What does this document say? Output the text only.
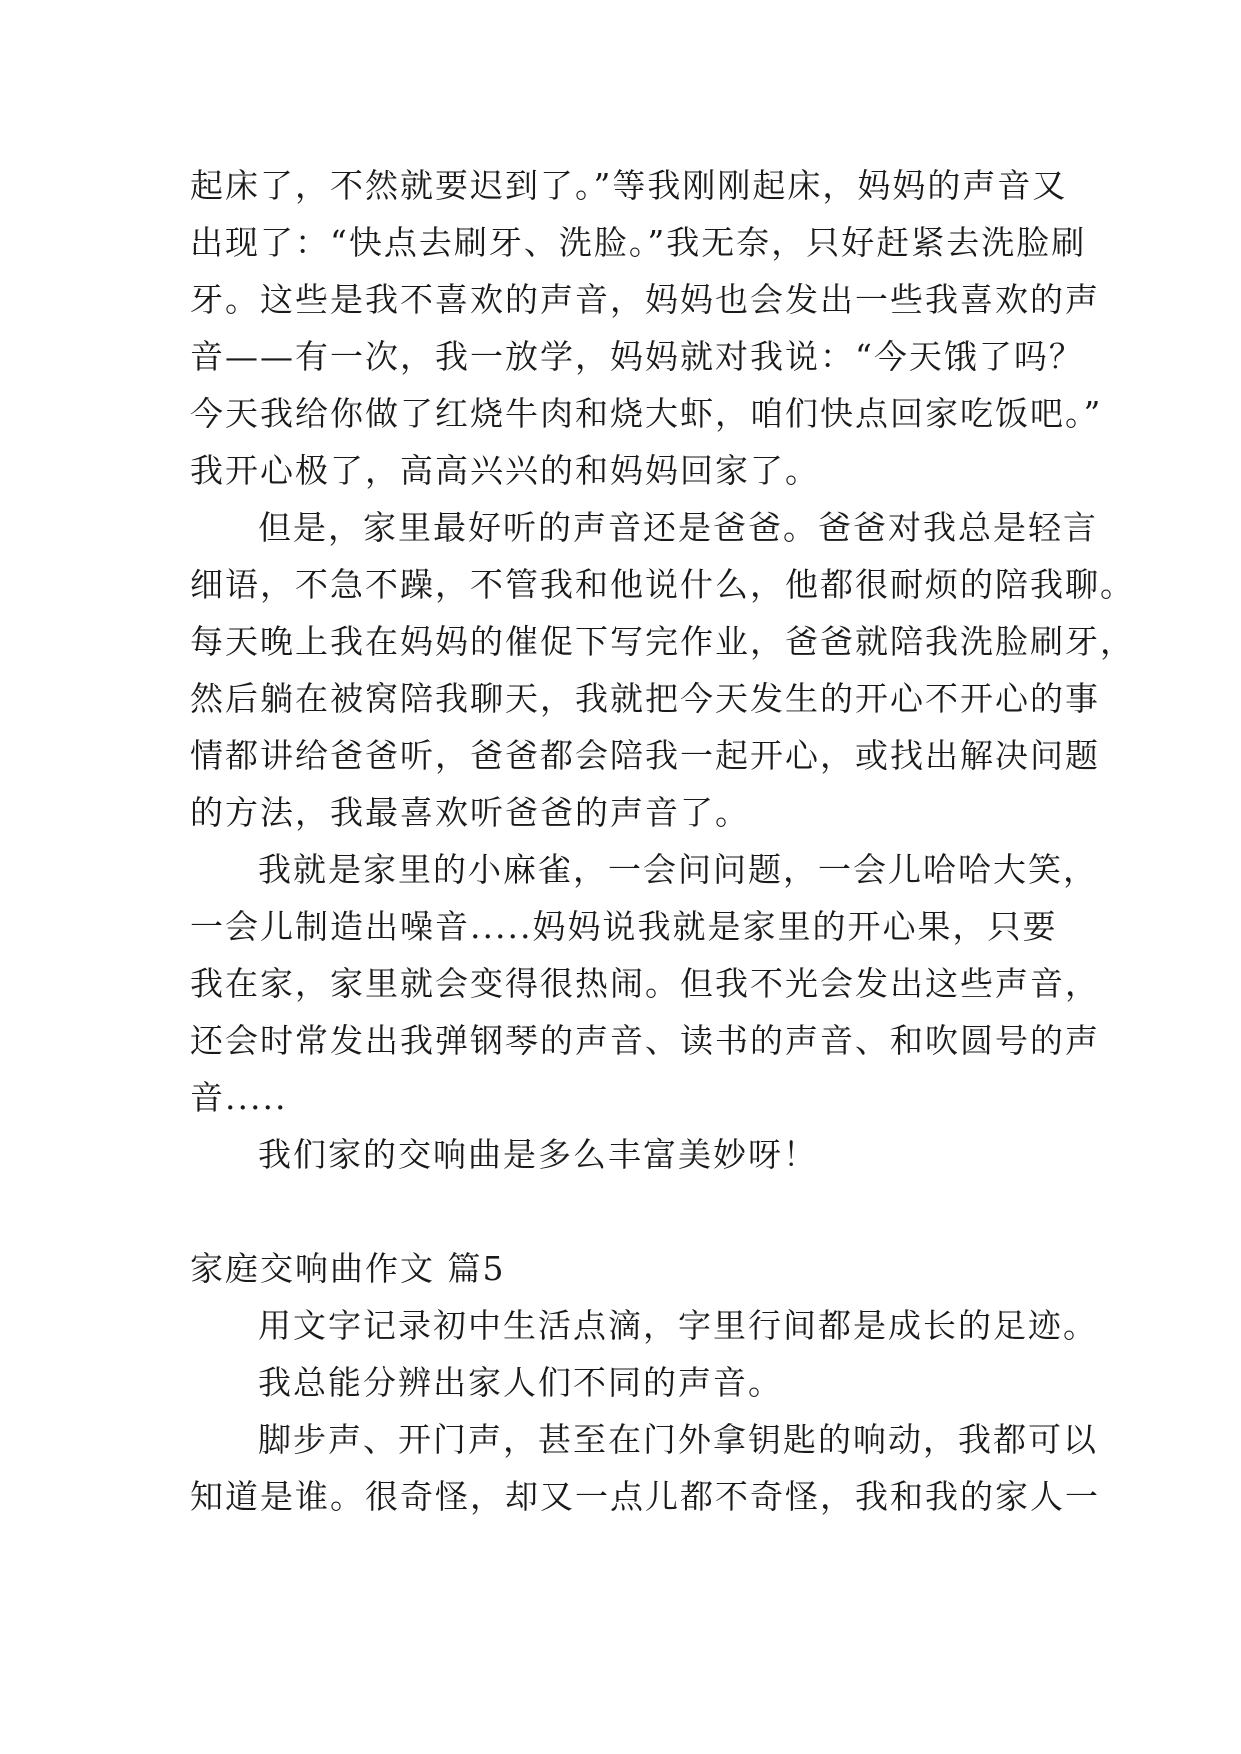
起床了，不然就要迟到了。”等我刚刚起床，妈妈的声音又
出现了：“快点去刷牙、洗脸。”我无奈，只好赶紧去洗脸刷
牙。这些是我不喜欢的声音，妈妈也会发出一些我喜欢的声
音——有一次，我一放学，妈妈就对我说：“今天饿了吗？
今天我给你做了红烧牛肉和烧大虾，咱们快点回家吃饭吧。”
我开心极了，高高兴兴的和妈妈回家了。
但是，家里最好听的声音还是爸爸。爸爸对我总是轻言
细语，不急不躁，不管我和他说什么，他都很耐烦的陪我聊。
每天晚上我在妈妈的催促下写完作业，爸爸就陪我洗脸刷牙，
然后躺在被窝陪我聊天，我就把今天发生的开心不开心的事
情都讲给爸爸听，爸爸都会陪我一起开心，或找出解决问题
的方法，我最喜欢听爸爸的声音了。
我就是家里的小麻雀，一会问问题，一会儿哈哈大笑，
一会儿制造出噪音.....妈妈说我就是家里的开心果，只要
我在家，家里就会变得很热闹。但我不光会发出这些声音，
还会时常发出我弹钢琴的声音、读书的声音、和吹圆号的声
音.....
我们家的交响曲是多么丰富美妙呀！
家庭交响曲作文 篇5
用文字记录初中生活点滴，字里行间都是成长的足迹。
我总能分辨出家人们不同的声音。
脚步声、开门声，甚至在门外拿钥匙的响动，我都可以
知道是谁。很奇怪，却又一点儿都不奇怪，我和我的家人一
